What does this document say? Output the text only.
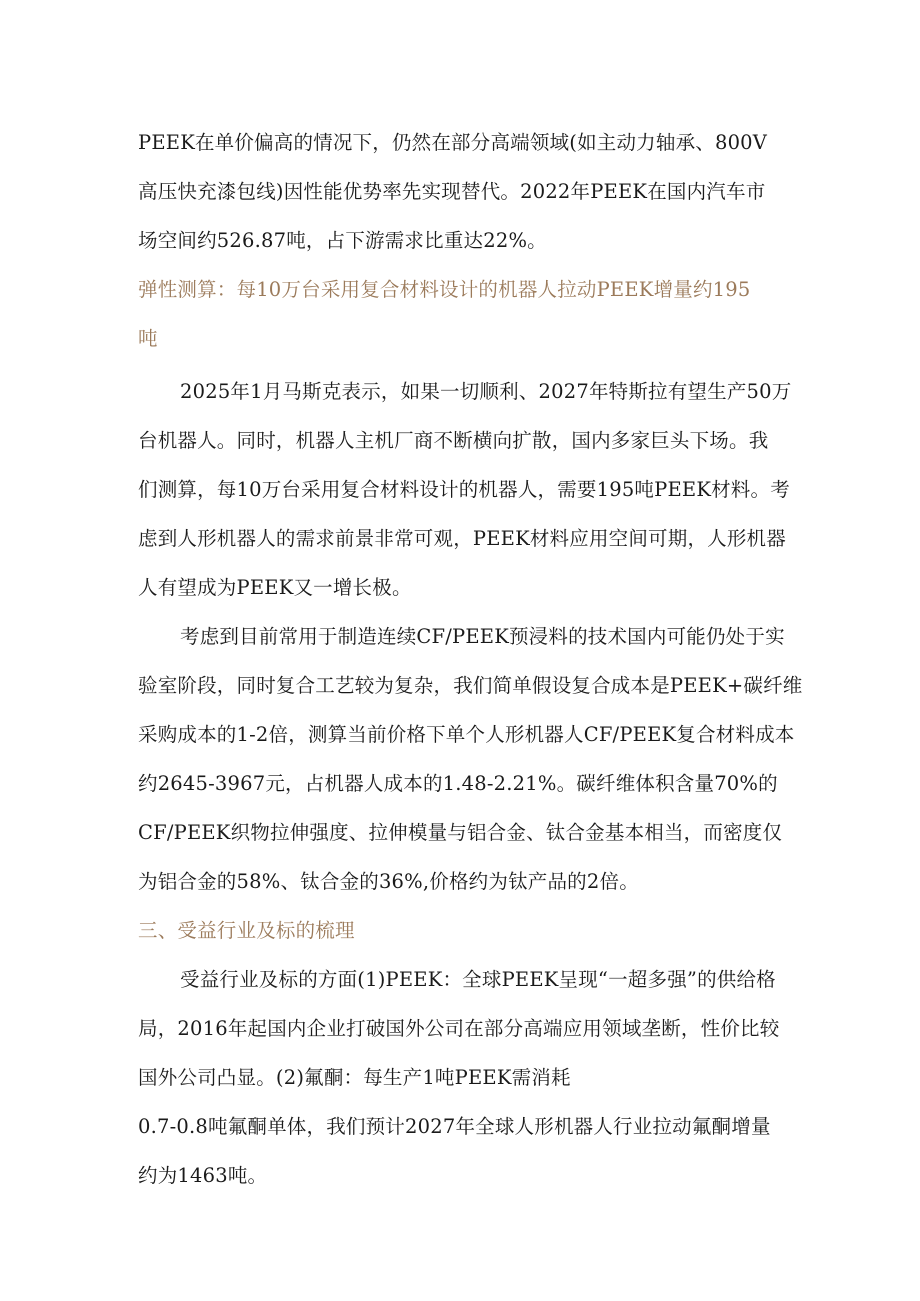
PEEK在单价偏高的情况下，仍然在部分高端领域(如主动力轴承、800V
高压快充漆包线)因性能优势率先实现替代。2022年PEEK在国内汽车市
场空间约526.87吨，占下游需求比重达22%。
弹性测算：每10万台采用复合材料设计的机器人拉动PEEK增量约195
吨
2025年1月马斯克表示，如果一切顺利、2027年特斯拉有望生产50万
台机器人。同时，机器人主机厂商不断横向扩散，国内多家巨头下场。我
们测算，每10万台采用复合材料设计的机器人，需要195吨PEEK材料。考
虑到人形机器人的需求前景非常可观，PEEK材料应用空间可期，人形机器
人有望成为PEEK又一增长极。
考虑到目前常用于制造连续CF/PEEK预浸料的技术国内可能仍处于实
验室阶段，同时复合工艺较为复杂，我们简单假设复合成本是PEEK+碳纤维
采购成本的1-2倍，测算当前价格下单个人形机器人CF/PEEK复合材料成本
约2645-3967元，占机器人成本的1.48-2.21%。碳纤维体积含量70%的
CF/PEEK织物拉伸强度、拉伸模量与铝合金、钛合金基本相当，而密度仅
为铝合金的58%、钛合金的36%,价格约为钛产品的2倍。
三、受益行业及标的梳理
受益行业及标的方面(1)PEEK：全球PEEK呈现“一超多强”的供给格
局，2016年起国内企业打破国外公司在部分高端应用领域垄断，性价比较
国外公司凸显。(2)氟酮：每生产1吨PEEK需消耗
0.7-0.8吨氟酮单体，我们预计2027年全球人形机器人行业拉动氟酮增量
约为1463吨。
